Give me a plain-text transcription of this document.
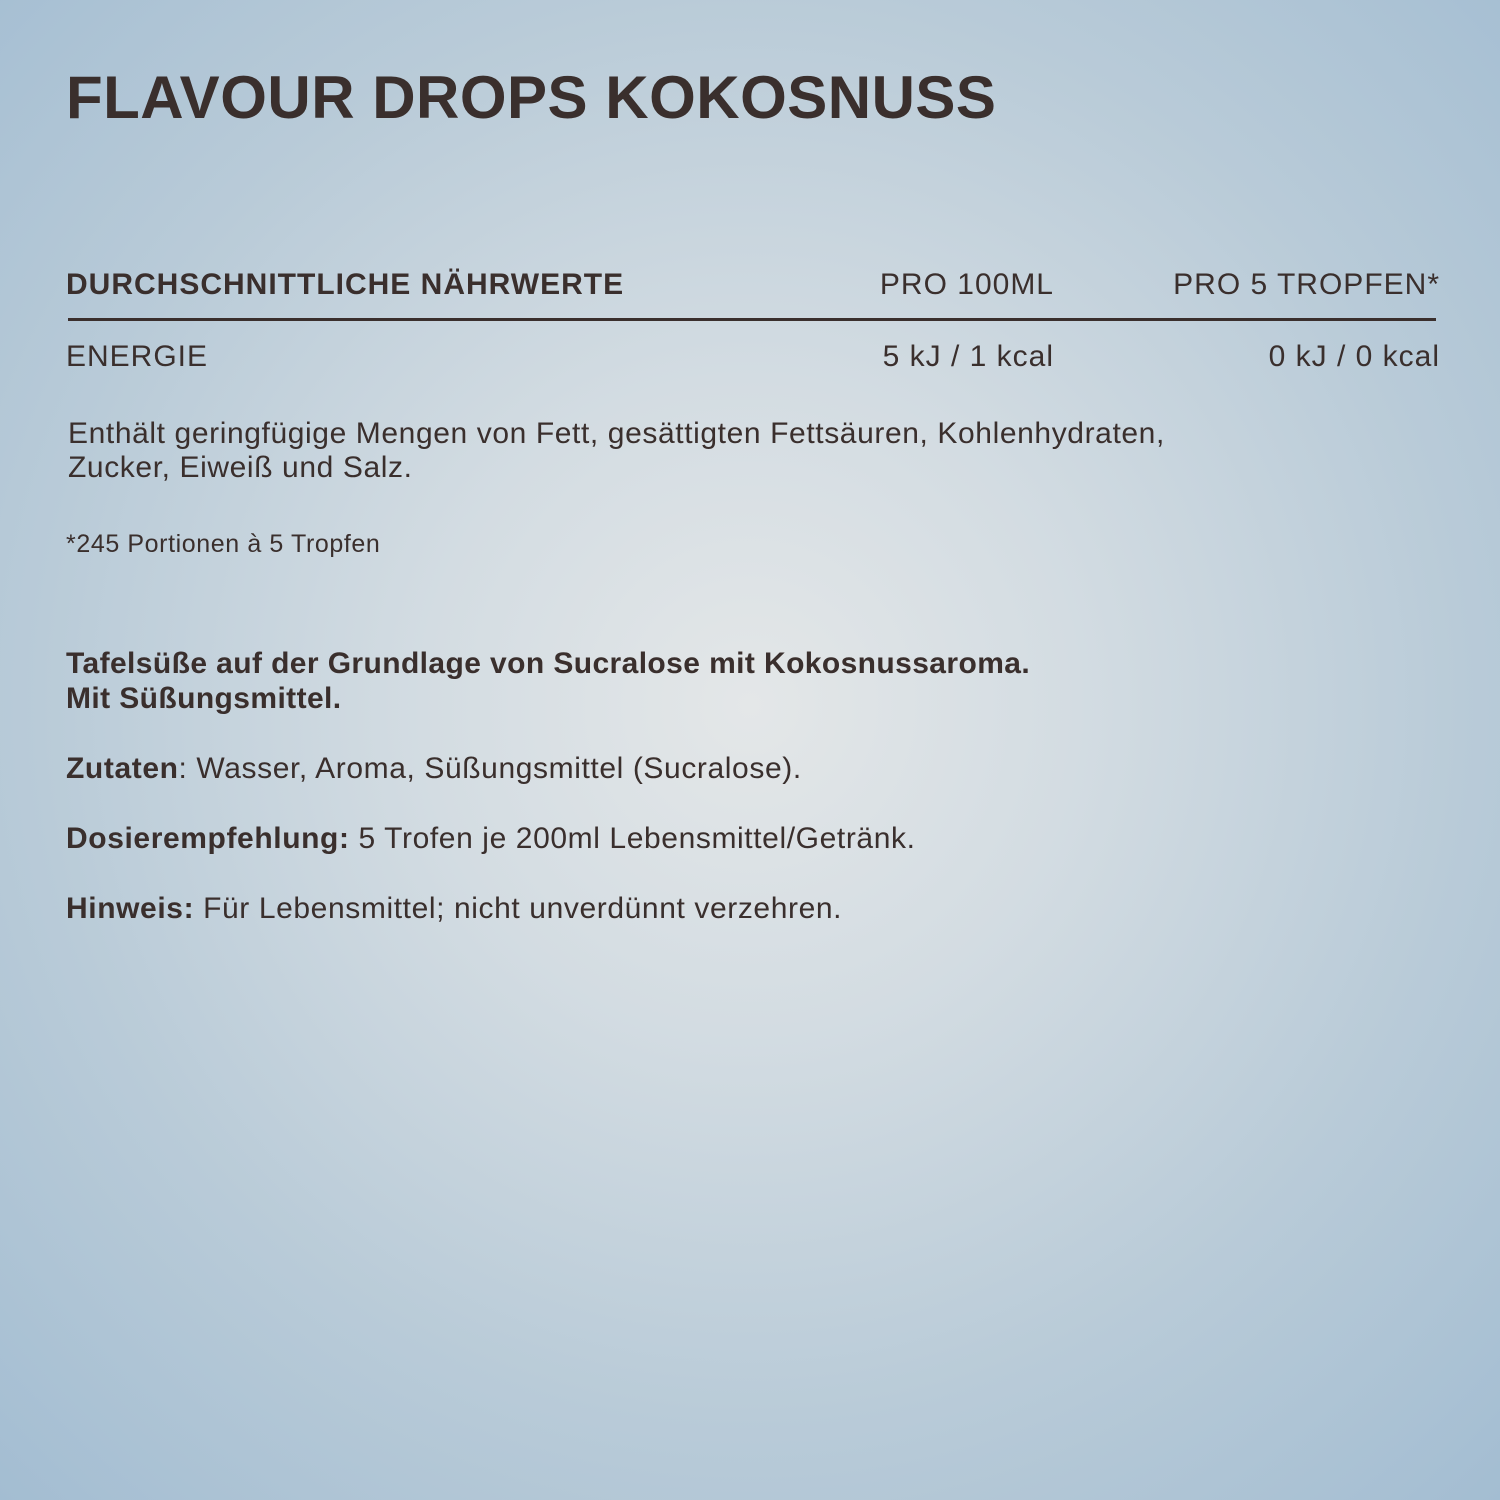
FLAVOUR DROPS KOKOSNUSS
DURCHSCHNITTLICHE NÄHRWERTE	PRO 100ML	PRO 5 TROPFEN*
ENERGIE	5 kJ / 1 kcal	0 kJ / 0 kcal

Enthält geringfügige Mengen von Fett, gesättigten Fettsäuren, Kohlenhydraten,
Zucker, Eiweiß und Salz.

*245 Portionen à 5 Tropfen

Tafelsüße auf der Grundlage von Sucralose mit Kokosnussaroma.
Mit Süßungsmittel.

Zutaten: Wasser, Aroma, Süßungsmittel (Sucralose).

Dosierempfehlung: 5 Trofen je 200ml Lebensmittel/Getränk.

Hinweis: Für Lebensmittel; nicht unverdünnt verzehren.
